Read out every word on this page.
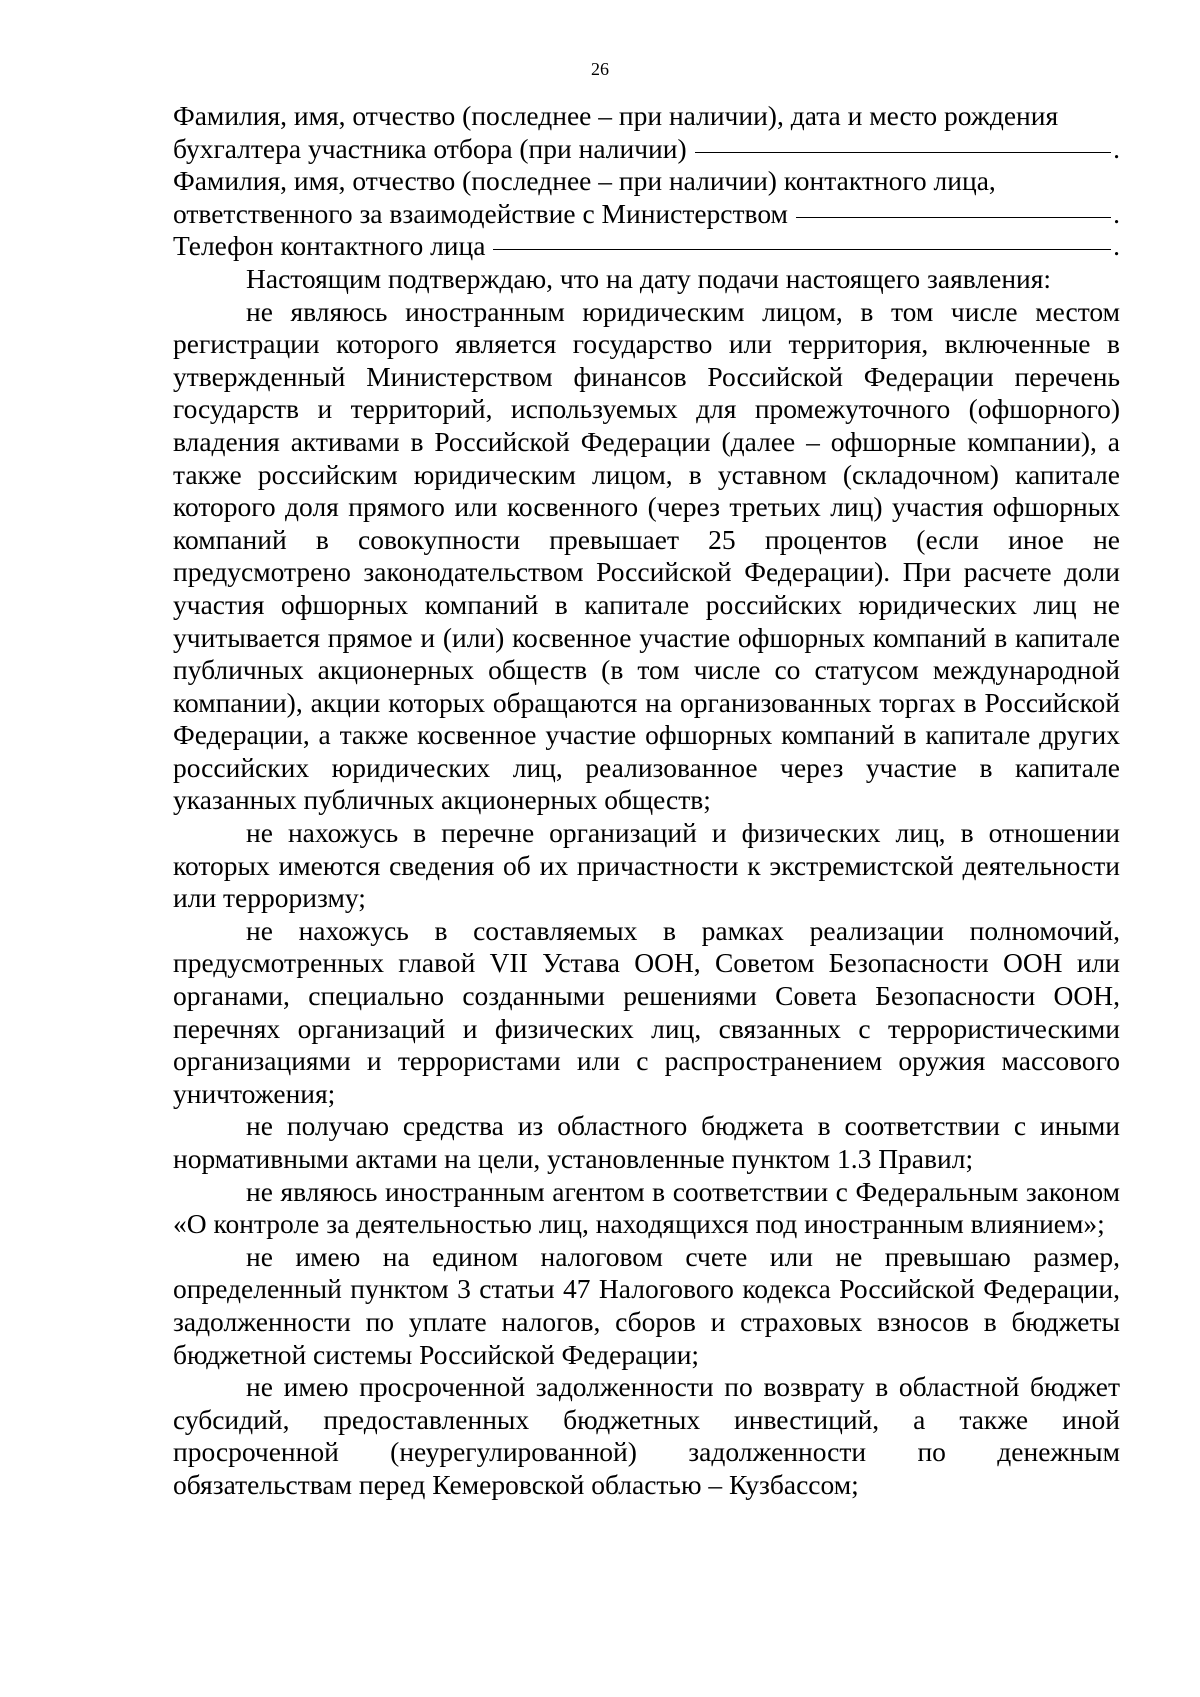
26

Фамилия, имя, отчество (последнее – при наличии), дата и место рождения

бухгалтера участника отбора (при наличии)	.

Фамилия, имя, отчество (последнее – при наличии) контактного лица,

ответственного за взаимодействие с Министерством	.
Телефон контактного лица	.

Настоящим подтверждаю, что на дату подачи настоящего заявления:

не являюсь иностранным юридическим лицом, в том числе местом регистрации которого является государство или территория, включенные в утвержденный Министерством финансов Российской Федерации перечень государств и территорий, используемых для промежуточного (офшорного) владения активами в Российской Федерации (далее – офшорные компании), а также российским юридическим лицом, в уставном (складочном) капитале которого доля прямого или косвенного (через третьих лиц) участия офшорных компаний в совокупности превышает 25 процентов (если иное не предусмотрено законодательством Российской Федерации). При расчете доли участия офшорных компаний в капитале российских юридических лиц не учитывается прямое и (или) косвенное участие офшорных компаний в капитале публичных акционерных обществ (в том числе со статусом международной компании), акции которых обращаются на организованных торгах в Российской Федерации, а также косвенное участие офшорных компаний в капитале других российских юридических лиц, реализованное через участие в капитале указанных публичных акционерных обществ;

не нахожусь в перечне организаций и физических лиц, в отношении которых имеются сведения об их причастности к экстремистской деятельности или терроризму;

не нахожусь в составляемых в рамках реализации полномочий, предусмотренных главой VII Устава ООН, Советом Безопасности ООН или органами, специально созданными решениями Совета Безопасности ООН, перечнях организаций и физических лиц, связанных с террористическими организациями и террористами или с распространением оружия массового уничтожения;

не получаю средства из областного бюджета в соответствии с иными нормативными актами на цели, установленные пунктом 1.3 Правил;

не являюсь иностранным агентом в соответствии с Федеральным законом «О контроле за деятельностью лиц, находящихся под иностранным влиянием»;

не имею на едином налоговом счете или не превышаю размер, определенный пунктом 3 статьи 47 Налогового кодекса Российской Федерации, задолженности по уплате налогов, сборов и страховых взносов в бюджеты бюджетной системы Российской Федерации;

не имею просроченной задолженности по возврату в областной бюджет субсидий, предоставленных бюджетных инвестиций, а также иной просроченной (неурегулированной) задолженности по денежным обязательствам перед Кемеровской областью – Кузбассом;
